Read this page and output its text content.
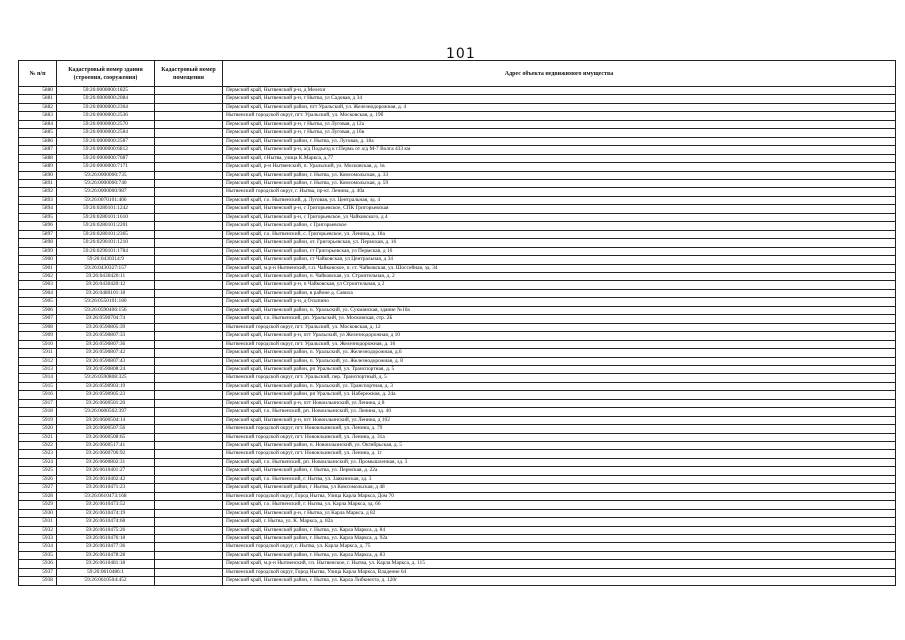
101
№ п/п	Кадастровый номер здания (строения, сооружения)	Кадастровый номер помещения	Адрес объекта недвижимого имущества
5880	59:26:0000000:1825		Пермский край, Нытвенский р-н, д Мелехи
5881	59:26:0000000:2084		Пермский край, Нытвенский р-н, г Нытва, ул Садовая, д 34
5882	59:26:0000000:2364		Пермский край, Нытвенский район, пгт Уральский, ул. Железнодорожная, д. 4
5883	59:26:0000000:2536		Нытвенский городской округ, пгт. Уральский, ул. Московская, д. 19б
5884	59:26:0000000:2570		Пермский край, Нытвенский р-н, г Нытва, ул Луговая, д 12а
5885	59:26:0000000:2584		Пермский край, Нытвенский р-н, г Нытва, ул Луговая, д 16в
5886	59:26:0000000:2587		Пермский край, Нытвенский район, г. Нытва, ул. Луговая, д. 18а
5887	59:26:0000000:6812		Пермский край, Нытвенский р-н, а/д Подъезд к г.Пермь от а/д М-7 Волга 433 км
5888	59:26:0000000:7087		Пермский край, г.Нытва, улица К.Маркса, д.77
5889	59:26:0000000:7171		Пермский край, р-н Нытвенский, п. Уральский, ул. Московская, д. 1в
5890	59:26:0000000:735		Пермский край, Нытвенский район, г. Нытва, ул. Комсомольская, д. 33
5891	59:26:0000000:740		Пермский край, Нытвенский район, г. Нытва, ул. Комсомольская, д. 59
5892	59:26:0000000:987		Нытвенский городской округ, г. Нытва, пр-кт. Ленина, д. 40а
5893	59:26:0070101:406		Пермский край, г.о. Нытвенский, д. Луговая, ул. Центральная, зд. 4
5894	59:26:0280101:1242		Пермский край, Нытвенский р-н, с Григорьевское, СПК Григорьевская
5895	59:26:0280101:1610		Пермский край, Нытвенский р-н, с Григорьевское, ул Чайковского, д 4
5896	59:26:0280101:2201		Пермский край, Нытвенский район, с Григорьевское
5897	59:26:0280101:2365		Пермский край, г.о. Нытвенский, с. Григорьевское, ул. Ленина, д. 18а
5898	59:26:0290101:1210		Пермский край, Нытвенский район, от. Григорьевская, ул. Пермская, д. 16
5899	59:26:0290101:1784		Пермский край, Нытвенский район, ст Григорьевская, ул Пермская, д 16
5900	59:26:0430314:9		Пермский край, Нытвенский район, ст Чайковская, ул Центральная, д 34
5901	59:26:0430327:157		Пермский край, м.р-н Нытвенский, с.п. Чайковское, п. ст. Чайковская, ул. Шоссейная, зд. 34
5902	59:26:0430420:11		Пермский край, Нытвенский район, п. Чайковская, ул. Строительная, д. 2
5903	59:26:0430420:12		Пермский край, Нытвенский р-н, п Чайковская, ул Строительная, д 2
5904	59:26:0480101:18		Пермский край, Нытвенский район, в районе д. Савиха
5905	59:26:0550101:180		Пермский край, Нытвенский р-н, д Осыпино
5906	59:26:0590406:156		Пермский край, Нытвенский район, п. Уральский, ул. Сукманская, здание №10а
5907	59:26:0590704:74		Пермский край, г.о. Нытвенский, рп. Уральский, ул. Московская, стр. 2Б
5908	59:26:0590805:39		Нытвенский городской округ, пгт. Уральский, ул. Московская, д. 12
5909	59:26:0590807:33		Пермский край, Нытвенский р-н, пгт Уральский, ул Железнодорожная, д 10
5910	59:26:0590807:36		Нытвенский городской округ, пгт. Уральский, ул. Железнодорожная, д. 16
5911	59:26:0590807:42		Пермский край, Нытвенский район, п. Уральский, ул. Железнодорожная, д.6
5912	59:26:0590807:43		Пермский край, Нытвенский район, п. Уральский, ул. Железнодорожная, д. 8
5913	59:26:0590808:24		Пермский край, Нытвенский район, рп Уральский, ул. Транспортная, д. 5
5914	59:26:0590808:325		Нытвенский городской округ, пгт. Уральский, пер. Транспортный, д. 5
5915	59:26:0590903:19		Пермский край, Нытвенский район, п. Уральский, ул. Транспортная, д. 3
5916	59:26:0590905:23		Пермский край, Нытвенский район, рп Уральский, ул. Набережная, д. 24а
5917	59:26:0600501:20		Пермский край, Нытвенский р-н, пгт Новоильинский, ул Ленина, д 8
5918	59:26:0600502:397		Пермский край, г.о. Нытвенский, рп. Новоильинский, ул. Ленина, зд. 40
5919	59:26:0600504:14		Пермский край, Нытвенский р-н, пгт Новоильинский, ул Ленина, д 102
5920	59:26:0600507:56		Нытвенский городской округ, пгт. Новоильинский, ул. Ленина, д. 79
5921	59:26:0600508:65		Нытвенский городской округ, пгт. Новоильинский, ул. Ленина, д. 31а
5922	59:26:0600517:41		Пермский край, Нытвенский район, п. Новоильинский, ул. Октябрьская, д. 5
5923	59:26:0600706:92		Нытвенский городской округ, пгт. Новоильинский, ул. Ленина, д. 1г
5924	59:26:0600802:31		Пермский край, г.о. Нытвенский, рп. Новоильинский, ул. Промышленная, зд. 3
5925	59:26:0610401:27		Пермский край, Нытвенский район, г. Нытва, ул. Пермская, д. 22а
5926	59:26:0610402:42		Пермский край, г.о. Нытвенский, г. Нытва, ул. Заякинская, зд. 3
5927	59:26:0610471:23		Пермский край, Нытвенский район, г Нытва, ул Комсомольская, д 48
5928	59:26:0610473:168		Нытвенский городской округ, Город Нытва, Улица Карла Маркса, Дом 70
5929	59:26:0610473:52		Пермский край, г.о. Нытвенский, г. Нытва, ул. Карла Маркса, зд. 66
5930	59:26:0610474:19		Пермский край, Нытвенский р-н, г Нытва, ул Карла Маркса, д 82
5931	59:26:0610474:68		Пермский край, г. Нытва, ул. К. Маркса, д. 82а
5932	59:26:0610475:26		Пермский край, Нытвенский район, г. Нытва, ул. Карла Маркса, д. 84
5933	59:26:0610476:18		Пермский край, Нытвенский район, г. Нытва, ул. Карла Маркса, д. 92а
5934	59:26:0610477:36		Нытвенский городской округ, г. Нытва, ул. Карла Маркса, д. 75
5935	59:26:0610478:28		Пермский край, Нытвенский район, г. Нытва, ул. Карла Маркса, д. 83
5936	59:26:0610481:18		Пермский край, м.р-н Нытвенский, г.п. Нытвенское, г. Нытва, ул. Карла Маркса, д. 115
5937	59:26:0610486:1		Нытвенский городской округ, Город Нытва, Улица Карла Маркса, Владение 64
5938	59:26:0610504:452		Пермский край, Нытвенский район, г. Нытва, ул. Карла Либкнехта, д. 120г
